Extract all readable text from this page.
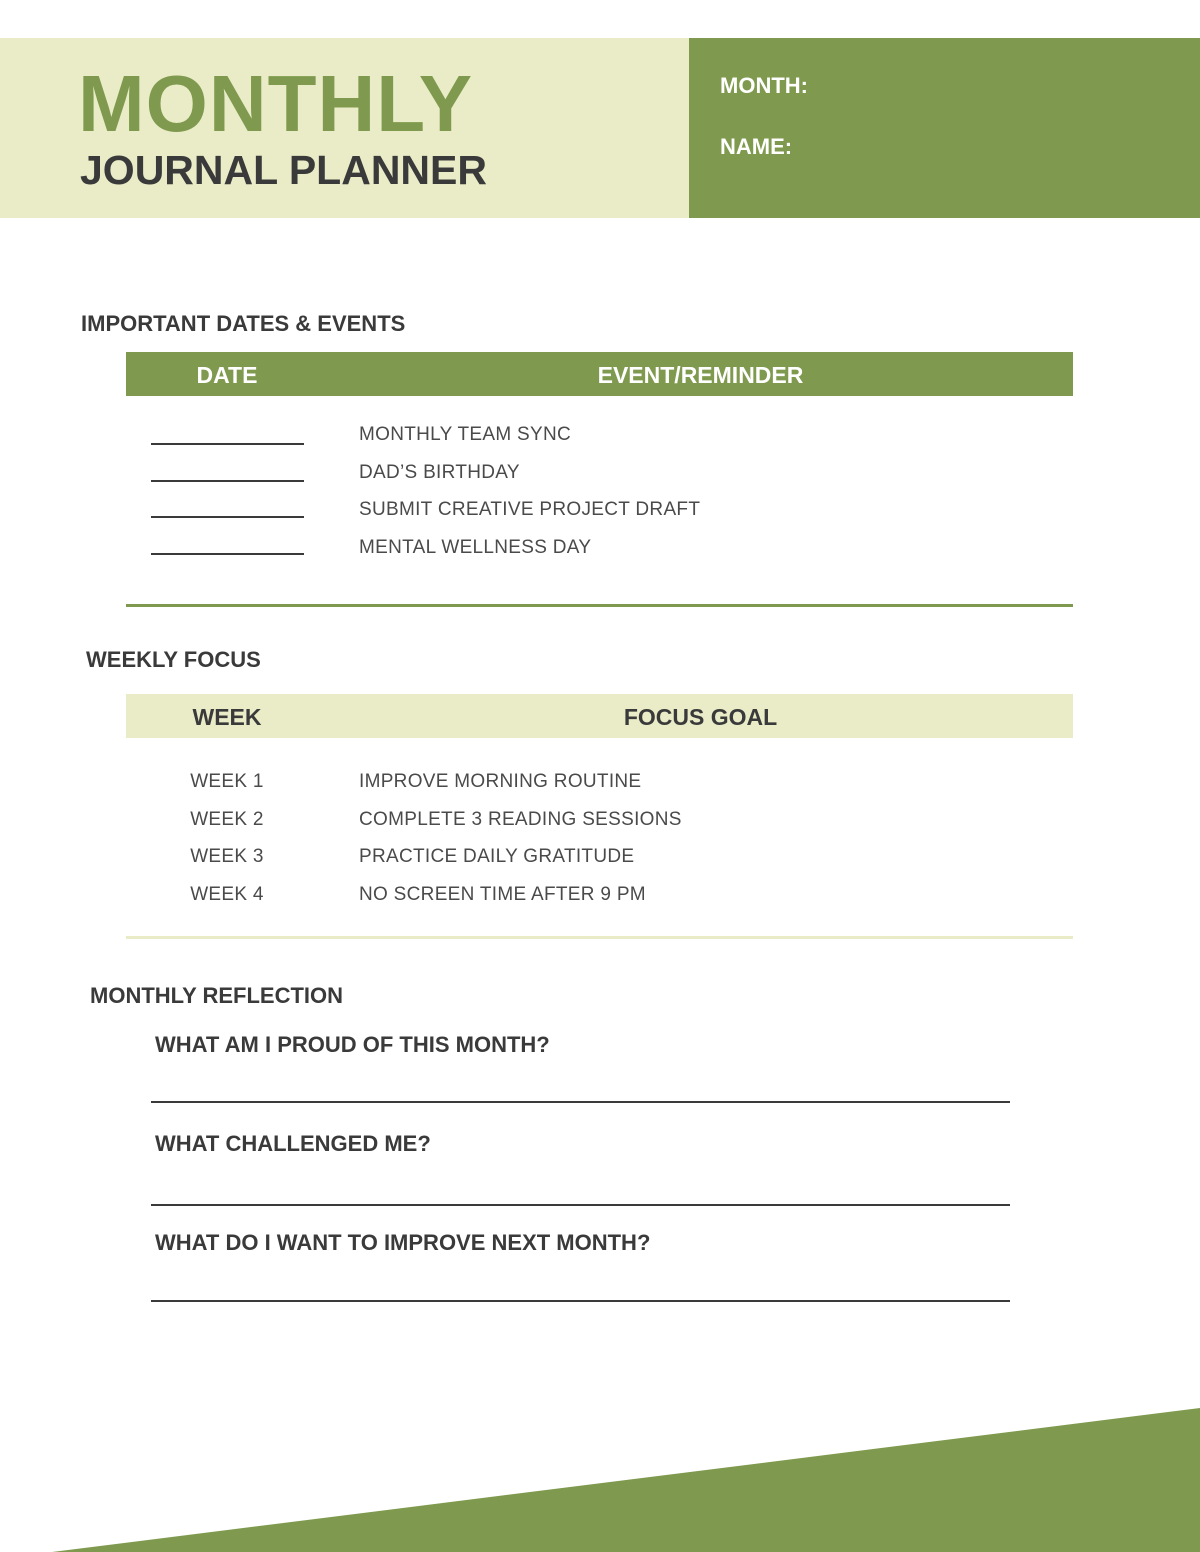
MONTHLY
JOURNAL PLANNER
MONTH:
NAME:
IMPORTANT DATES & EVENTS
DATE	EVENT/REMINDER
MONTHLY TEAM SYNC
DAD’S BIRTHDAY
SUBMIT CREATIVE PROJECT DRAFT
MENTAL WELLNESS DAY
WEEKLY FOCUS
WEEK	FOCUS GOAL
WEEK 1	IMPROVE MORNING ROUTINE
WEEK 2	COMPLETE 3 READING SESSIONS
WEEK 3	PRACTICE DAILY GRATITUDE
WEEK 4	NO SCREEN TIME AFTER 9 PM
MONTHLY REFLECTION
WHAT AM I PROUD OF THIS MONTH?
WHAT CHALLENGED ME?
WHAT DO I WANT TO IMPROVE NEXT MONTH?
